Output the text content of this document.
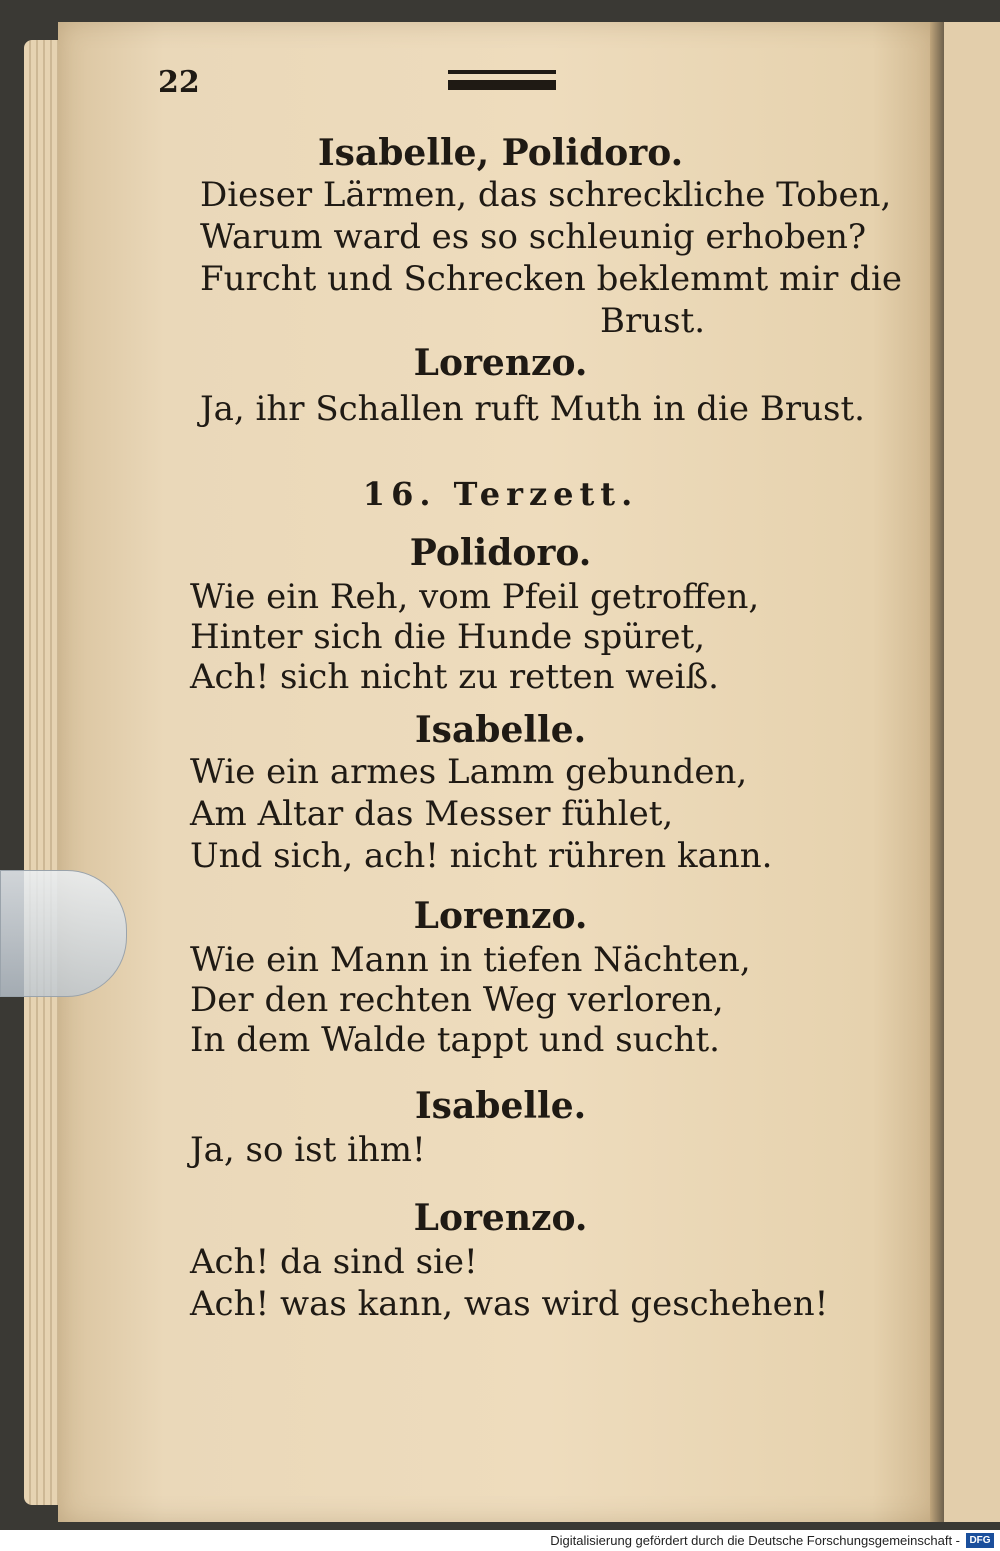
22
Isabelle, Polidoro.
Dieser Lärmen, das schreckliche Toben,
Warum ward es so schleunig erhoben?
Furcht und Schrecken beklemmt mir die
Brust.
Lorenzo.
Ja, ihr Schallen ruft Muth in die Brust.
16. Terzett.
Polidoro.
Wie ein Reh, vom Pfeil getroffen,
Hinter sich die Hunde spüret,
Ach! sich nicht zu retten weiß.
Isabelle.
Wie ein armes Lamm gebunden,
Am Altar das Messer fühlet,
Und sich, ach! nicht rühren kann.
Lorenzo.
Wie ein Mann in tiefen Nächten,
Der den rechten Weg verloren,
In dem Walde tappt und sucht.
Isabelle.
Ja, so ist ihm!
Lorenzo.
Ach! da sind sie!
Ach! was kann, was wird geschehen!
Digitalisierung gefördert durch die Deutsche Forschungsgemeinschaft - DFG
